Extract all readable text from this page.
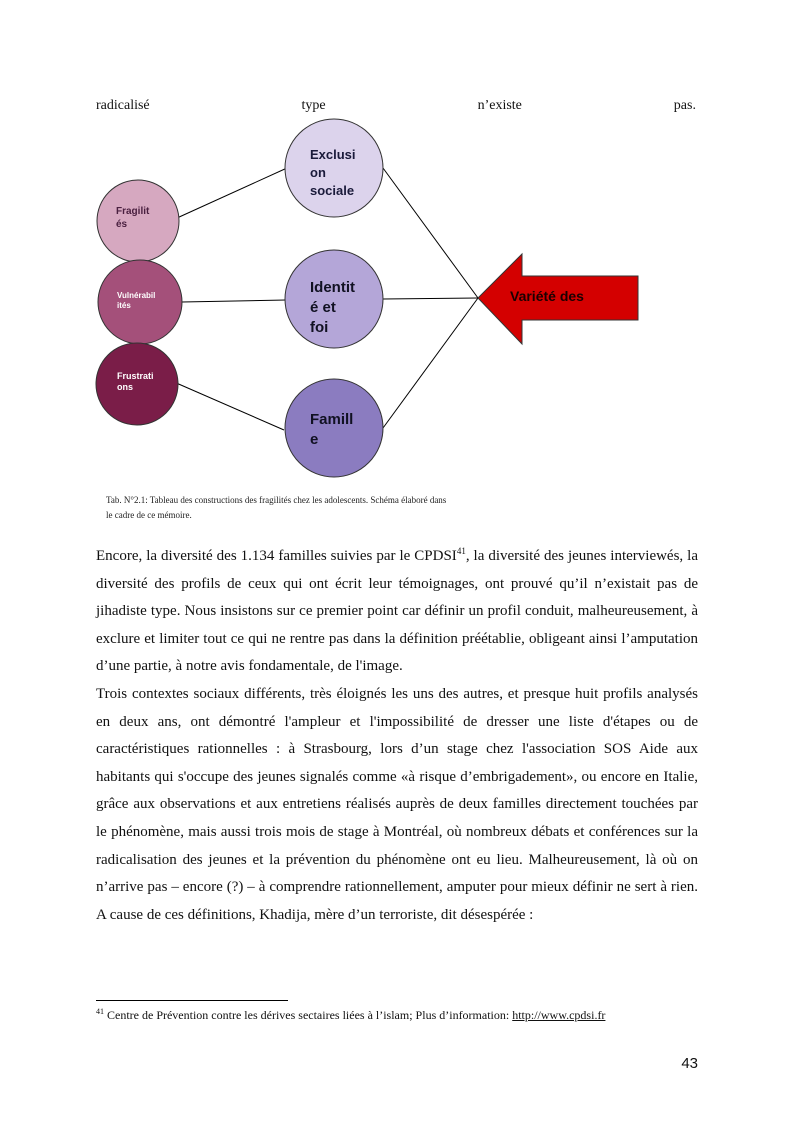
radicalisé	type	n’existe	pas.
Fragilit
és
Vulnérabil
ités
Frustrati
ons
Exclusi
on
sociale
Identit
é et
foi
Famill
e
Variété des

Tab. N°2.1: Tableau des constructions des fragilités chez les adolescents. Schéma élaboré dans

le cadre de ce mémoire.

Encore, la diversité des 1.134 familles suivies par le CPDSI$^{41}$, la diversité des jeunes interviewés, la diversité des profils de ceux qui ont écrit leur témoignages, ont prouvé qu’il n’existait pas de jihadiste type. Nous insistons sur ce premier point car définir un profil conduit, malheureusement, à exclure et limiter tout ce qui ne rentre pas dans la définition préétablie, obligeant ainsi l’amputation d’une partie, à notre avis fondamentale, de l'image.

Trois contextes sociaux différents, très éloignés les uns des autres, et presque huit profils analysés en deux ans, ont démontré l'ampleur et l'impossibilité de dresser une liste d'étapes ou de caractéristiques rationnelles : à Strasbourg, lors d’un stage chez l'association SOS Aide aux habitants qui s'occupe des jeunes signalés comme «à risque d’embrigadement», ou encore en Italie, grâce aux observations et aux entretiens réalisés auprès de deux familles directement touchées par le phénomène, mais aussi trois mois de stage à Montréal, où nombreux débats et conférences sur la radicalisation des jeunes et la prévention du phénomène ont eu lieu. Malheureusement, là où on n’arrive pas – encore (?) – à comprendre rationnellement, amputer pour mieux définir ne sert à rien. A cause de ces définitions, Khadija, mère d’un terroriste, dit désespérée :

$^{41}$ Centre de Prévention contre les dérives sectaires liées à l’islam; Plus d’information: http://www.cpdsi.fr
43
